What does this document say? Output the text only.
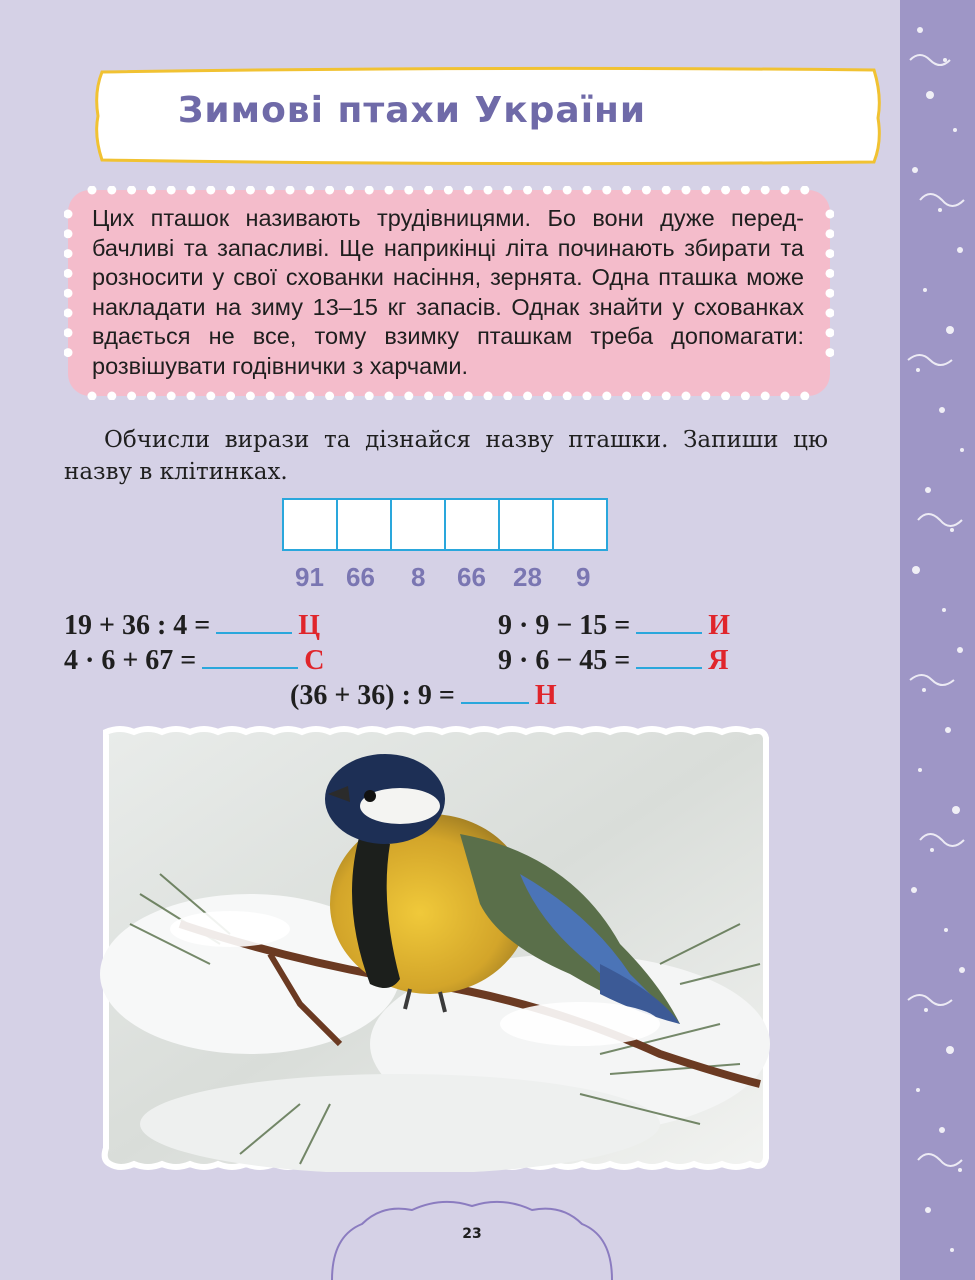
Зимові птахи України
Цих пташок називають трудівницями. Бо вони дуже передбачливі та запасливі. Ще наприкінці літа починають збирати та розносити у свої схованки насіння, зернята. Одна пташка може накладати на зиму 13–15 кг запасів. Однак знайти у схованках вдається не все, тому взимку пташкам треба допомагати: розвішувати годівнички з харчами.
Обчисли вирази та дізнайся назву пташки. Запиши цю назву в клітинках.
91 66 8 66 28 9
19 + 36 : 4 =	Ц	9 · 9 − 15 =	И
4 · 6 + 67 =	С	9 · 6 − 45 =	Я
(36 + 36) : 9 =	Н
23
